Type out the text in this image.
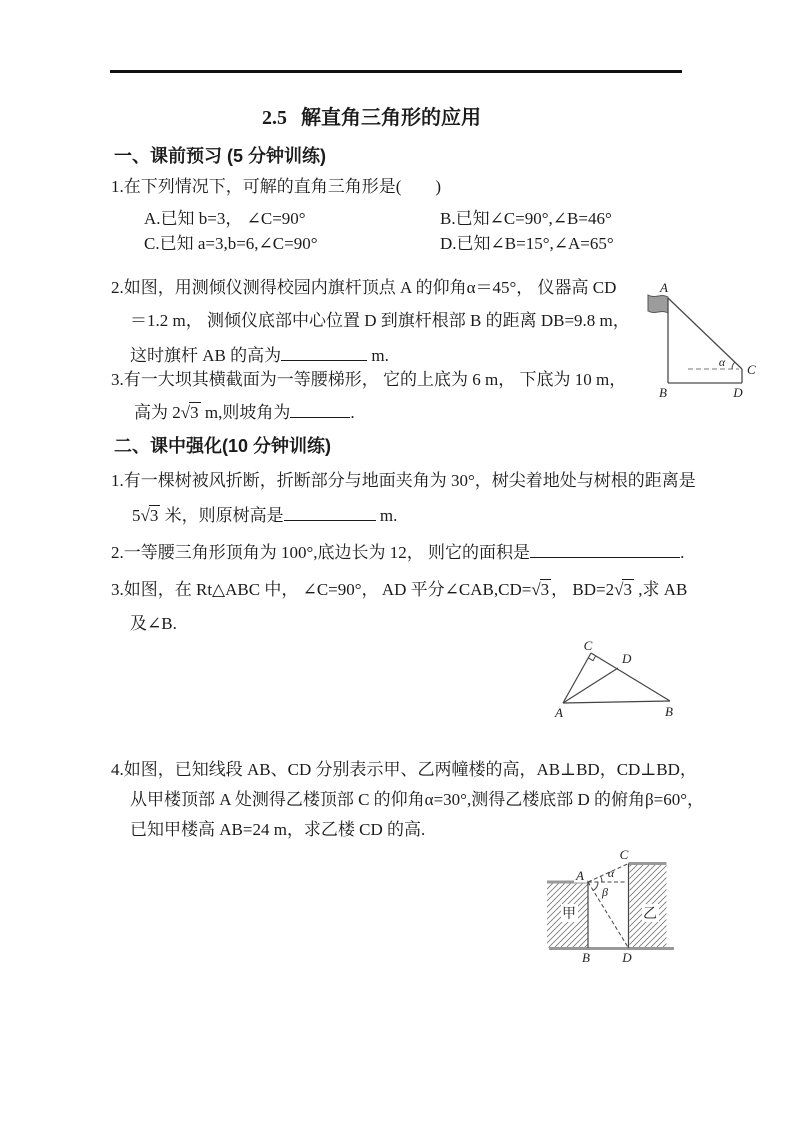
2.5 解直角三角形的应用
一、课前预习 (5 分钟训练)
1.在下列情况下，可解的直角三角形是(　　)
A.已知 b=3， ∠C=90°	B.已知∠C=90°,∠B=46°
C.已知 a=3,b=6,∠C=90°	D.已知∠B=15°,∠A=65°
2.如图，用测倾仪测得校园内旗杆顶点 A 的仰角α＝45°， 仪器高 CD
＝1.2 m， 测倾仪底部中心位置 D 到旗杆根部 B 的距离 DB=9.8 m，
这时旗杆 AB 的高为	m.
3.有一大坝其横截面为一等腰梯形， 它的上底为 6 m， 下底为 10 m，
高为 2√3 m,则坡角为	.
α
A
B	D
C
二、课中强化(10 分钟训练)
1.有一棵树被风折断，折断部分与地面夹角为 30°，树尖着地处与树根的距离是
5√3 米，则原树高是	m.
2.一等腰三角形顶角为 100°,底边长为 12， 则它的面积是	.
3.如图，在 Rt△ABC 中， ∠C=90°， AD 平分∠CAB,CD=√3 ， BD=2√3 ,求 AB
及∠B.
C
D
A	B
4.如图，已知线段 AB、CD 分别表示甲、乙两幢楼的高，AB⊥BD，CD⊥BD，
从甲楼顶部 A 处测得乙楼顶部 C 的仰角α=30°,测得乙楼底部 D 的俯角β=60°，
已知甲楼高 AB=24 m，求乙楼 CD 的高.
α
β
A
C
B D
甲	乙
